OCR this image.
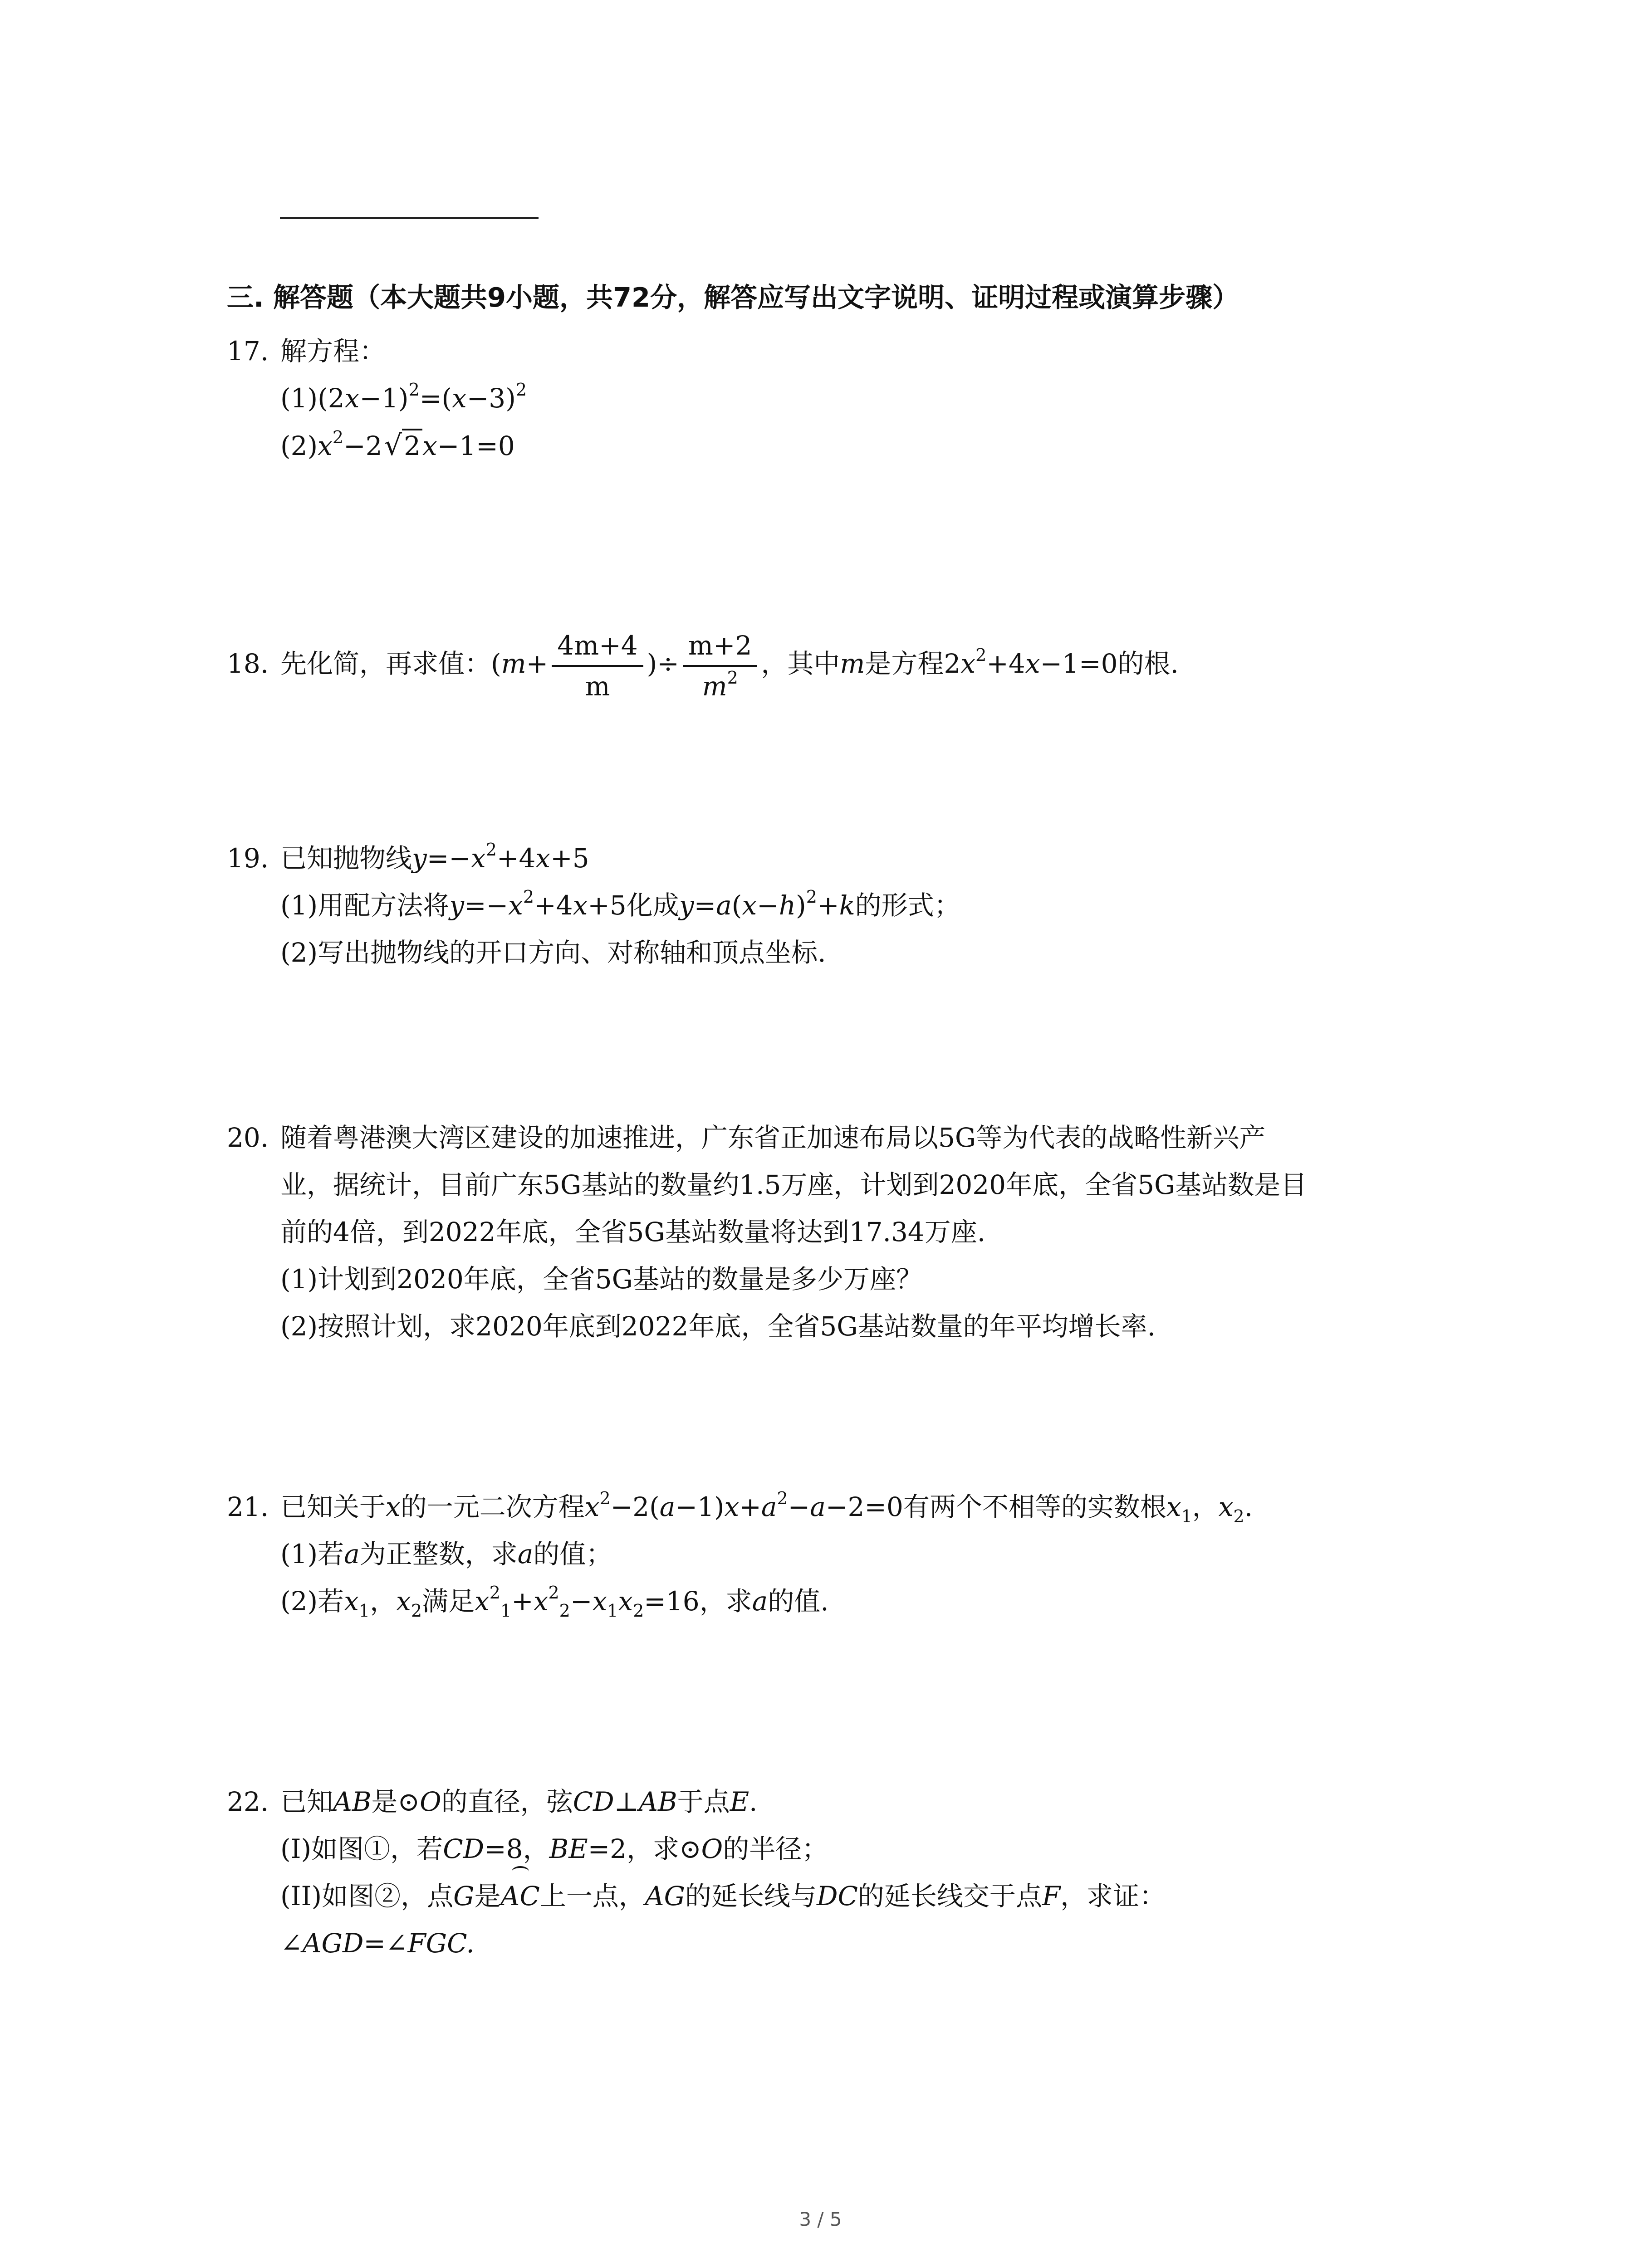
三. 解答题（本大题共9小题，共72分，解答应写出文字说明、证明过程或演算步骤）
17. 解方程：
$(1)(2x-1)^2=(x-3)^2$
$(2)x^2-2√2x-1=0$
18. 先化简，再求值：($m+ \frac{4m+4}{m}$ )÷ $\frac{m+2}{m^2}$ ，其中m是方程$2x^2+4x-1=0$的根.
19. 已知抛物线$y=-x^2+4x+5$
(1)用配方法将$y=-x^2+4x+5$化成$y=a(x-h)^2+k$的形式；
(2)写出抛物线的开口方向、对称轴和顶点坐标.
20. 随着粤港澳大湾区建设的加速推进，广东省正加速布局以5G等为代表的战略性新兴产
业，据统计，目前广东5G基站的数量约1.5万座，计划到2020年底，全省5G基站数是目
前的4倍，到2022年底，全省5G基站数量将达到17.34万座.
(1)计划到2020年底，全省5G基站的数量是多少万座？
(2)按照计划，求2020年底到2022年底，全省5G基站数量的年平均增长率.
21. 已知关于x的一元二次方程$x^2-2(a-1)x+a^2-a-2=0$有两个不相等的实数根$x_1$，$x_2$.
(1)若a为正整数，求a的值；
(2)若$x_1$，$x_2$满足$x^2_1+x^2_2-x_1x_2=16$，求a的值.
22. 已知AB是⊙O的直径，弦CD⊥AB于点E.
(I)如图①，若CD=8，BE=2，求⊙O的半径；
(II)如图②，点G是AC上一点，AG的延长线与DC的延长线交于点F，求证：
∠AGD=∠FGC.
3 / 5
